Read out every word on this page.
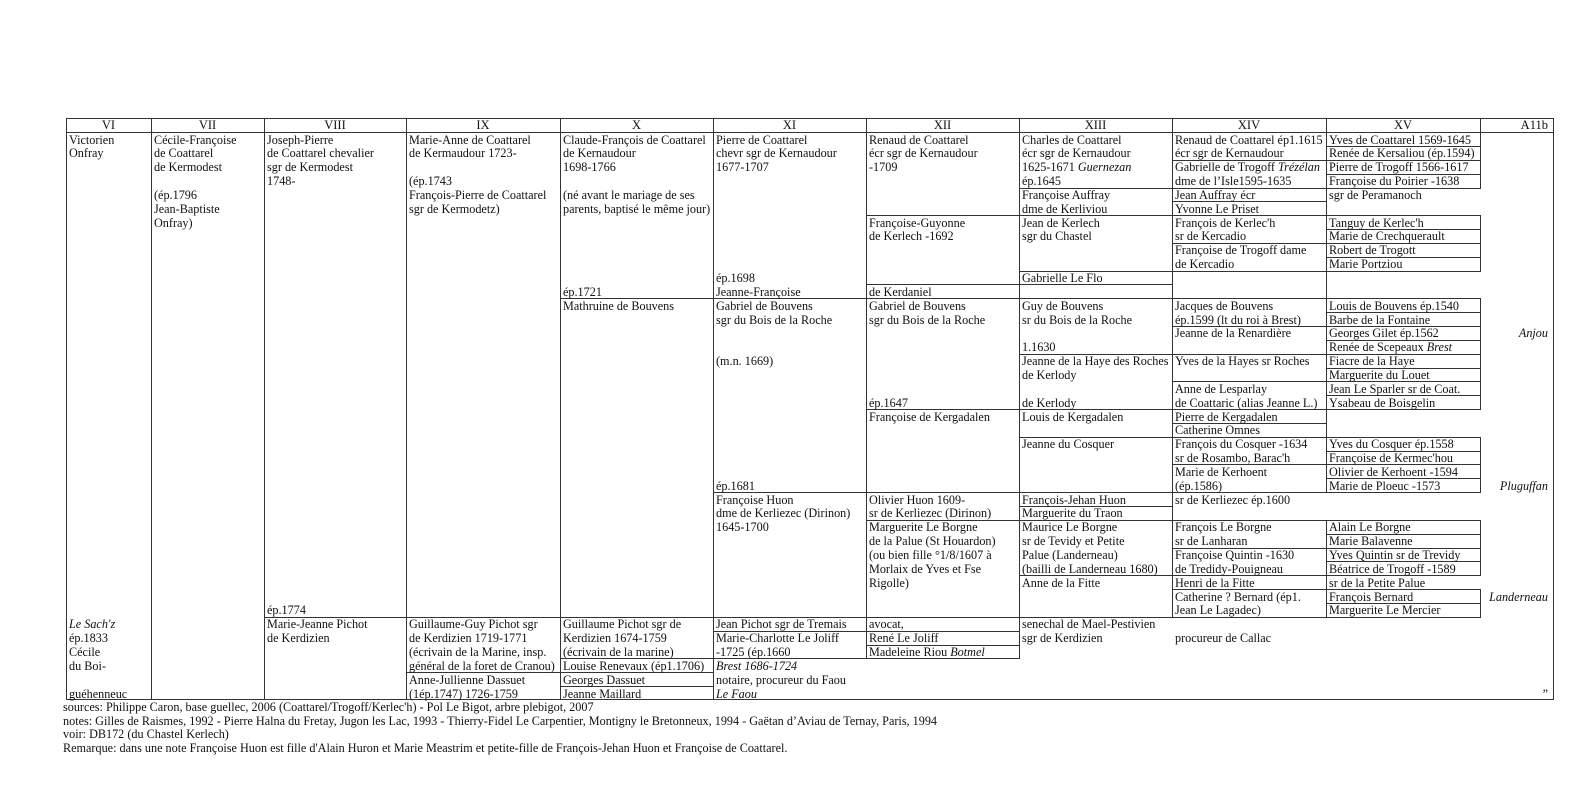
VI
Victorien
Onfray
Le Sach'z
ép.1833
Cécile
du Boi-
guéhenneuc
VII
Cécile-Françoise
de Coattarel
de Kermodest
(ép.1796
Jean-Baptiste
Onfray)
VIII
Joseph-Pierre
de Coattarel chevalier
sgr de Kermodest
1748-
ép.1774
Marie-Jeanne Pichot
de Kerdizien
IX
Marie-Anne de Coattarel
de Kermaudour 1723-
(ép.1743
François-Pierre de Coattarel
sgr de Kermodetz)
Guillaume-Guy Pichot sgr
de Kerdizien 1719-1771
(écrivain de la Marine, insp.
général de la foret de Cranou)
Anne-Jullienne Dassuet
(1ép.1747) 1726-1759
X
Claude-François de Coattarel
de Kernaudour
1698-1766
(né avant le mariage de ses
parents, baptisé le même jour)
ép.1721
Mathruine de Bouvens
Guillaume Pichot sgr de
Kerdizien 1674-1759
(écrivain de la marine)
Louise Renevaux (ép1.1706)
Georges Dassuet
Jeanne Maillard
XI
Pierre de Coattarel
chevr sgr de Kernaudour
1677-1707
ép.1698
Jeanne-Françoise
Gabriel de Bouvens
sgr du Bois de la Roche
(m.n. 1669)
ép.1681
Françoise Huon
dme de Kerliezec (Dirinon)
1645-1700
Jean Pichot sgr de Tremais
Marie-Charlotte Le Joliff
-1725 (ép.1660
Brest 1686-1724
notaire, procureur du Faou
Le Faou
XII
Renaud de Coattarel
écr sgr de Kernaudour
-1709
Françoise-Guyonne
de Kerlech -1692
de Kerdaniel
Gabriel de Bouvens
sgr du Bois de la Roche
ép.1647
Françoise de Kergadalen
Olivier Huon 1609-
sr de Kerliezec (Dirinon)
Marguerite Le Borgne
de la Palue (St Houardon)
(ou bien fille °1/8/1607 à
Morlaix de Yves et Fse
Rigolle)
avocat,
René Le Joliff
Madeleine Riou Botmel
XIII
Charles de Coattarel
écr sgr de Kernaudour
1625-1671 Guernezan
ép.1645
Françoise Auffray
dme de Kerliviou
Jean de Kerlech
sgr du Chastel
Gabrielle Le Flo
Guy de Bouvens
sr du Bois de la Roche
1.1630
Jeanne de la Haye des Roches
de Kerlody
de Kerlody
Louis de Kergadalen
Jeanne du Cosquer
François-Jehan Huon
Marguerite du Traon
Maurice Le Borgne
sr de Tevidy et Petite
Palue (Landerneau)
(bailli de Landerneau 1680)
Anne de la Fitte
senechal de Mael-Pestivien
sgr de Kerdizien
XIV
Renaud de Coattarel ép1.1615
écr sgr de Kernaudour
Gabrielle de Trogoff Trézélan
dme de l’Isle1595-1635
Jean Auffray écr
Yvonne Le Priset
François de Kerlec'h
sr de Kercadio
Françoise de Trogoff dame
de Kercadio
Jacques de Bouvens
ép.1599 (lt du roi à Brest)
Jeanne de la Renardière
Yves de la Hayes sr Roches
Anne de Lesparlay
de Coattaric (alias Jeanne L.)
Pierre de Kergadalen
Catherine Omnes
François du Cosquer -1634
sr de Rosambo, Barac'h
Marie de Kerhoent
(ép.1586)
sr de Kerliezec ép.1600
François Le Borgne
sr de Lanharan
Françoise Quintin -1630
de Tredidy-Pouigneau
Henri de la Fitte
Catherine ? Bernard (ép1.
Jean Le Lagadec)
procureur de Callac
XV
Yves de Coattarel 1569-1645
Renée de Kersaliou (ép.1594)
Pierre de Trogoff 1566-1617
Françoise du Poirier -1638
sgr de Peramanoch
Tanguy de Kerlec'h
Marie de Crechquerault
Robert de Trogott
Marie Portziou
Louis de Bouvens ép.1540
Barbe de la Fontaine
Georges Gilet ép.1562
Renée de Scepeaux Brest
Fiacre de la Haye
Marguerite du Louet
Jean Le Sparler sr de Coat.
Ysabeau de Boisgelin
Yves du Cosquer ép.1558
Françoise de Kermec'hou
Olivier de Kerhoent -1594
Marie de Ploeuc -1573
Alain Le Borgne
Marie Balavenne
Yves Quintin sr de Trevidy
Béatrice de Trogoff -1589
sr de la Petite Palue
François Bernard
Marguerite Le Mercier
Anjou
Pluguffan
Landerneau
”
A11b
sources: Philippe Caron, base guellec, 2006 (Coattarel/Trogoff/Kerlec'h) - Pol Le Bigot, arbre plebigot, 2007
notes: Gilles de Raismes, 1992 - Pierre Halna du Fretay, Jugon les Lac, 1993 - Thierry-Fidel Le Carpentier, Montigny le Bretonneux, 1994 - Gaëtan d’Aviau de Ternay, Paris, 1994
voir: DB172 (du Chastel Kerlech)
Remarque: dans une note Françoise Huon est fille d'Alain Huron et Marie Meastrim et petite-fille de François-Jehan Huon et Françoise de Coattarel.
